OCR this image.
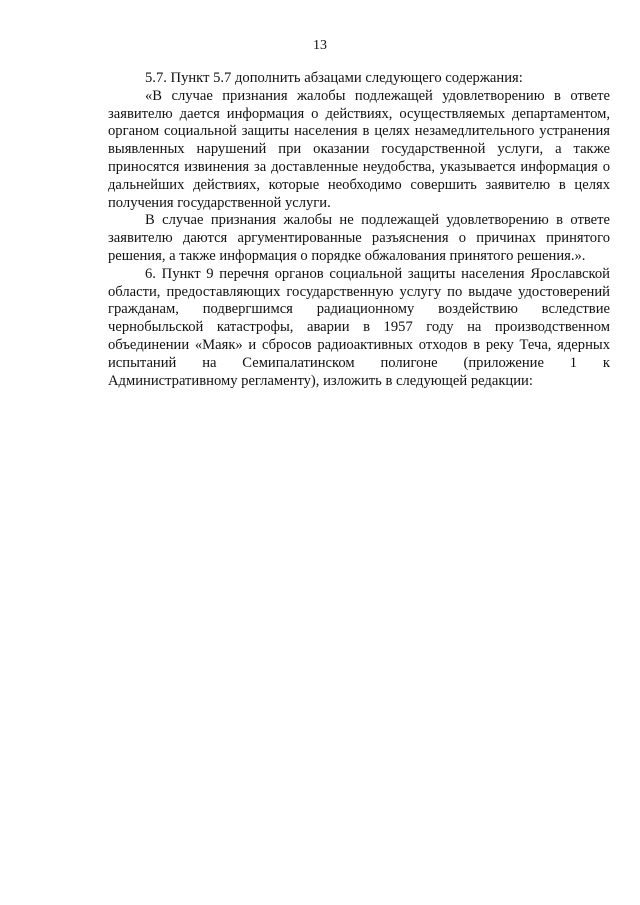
13

5.7. Пункт 5.7 дополнить абзацами следующего содержания:

«В случае признания жалобы подлежащей удовлетворению в ответе заявителю дается информация о действиях, осуществляемых департаментом, органом социальной защиты населения в целях незамедлительного устранения выявленных нарушений при оказании государственной услуги, а также приносятся извинения за доставленные неудобства, указывается информация о дальнейших действиях, которые необходимо совершить заявителю в целях получения государственной услуги.

В случае признания жалобы не подлежащей удовлетворению в ответе заявителю даются аргументированные разъяснения о причинах принятого решения, а также информация о порядке обжалования принятого решения.».

6. Пункт 9 перечня органов социальной защиты населения Ярославской области, предоставляющих государственную услугу по выдаче удостоверений гражданам, подвергшимся радиационному воздействию вследствие чернобыльской катастрофы, аварии в 1957 году на производственном объединении «Маяк» и сбросов радиоактивных отходов в реку Теча, ядерных испытаний на Семипалатинском полигоне (приложение 1 к Административному регламенту), изложить в следующей редакции:
